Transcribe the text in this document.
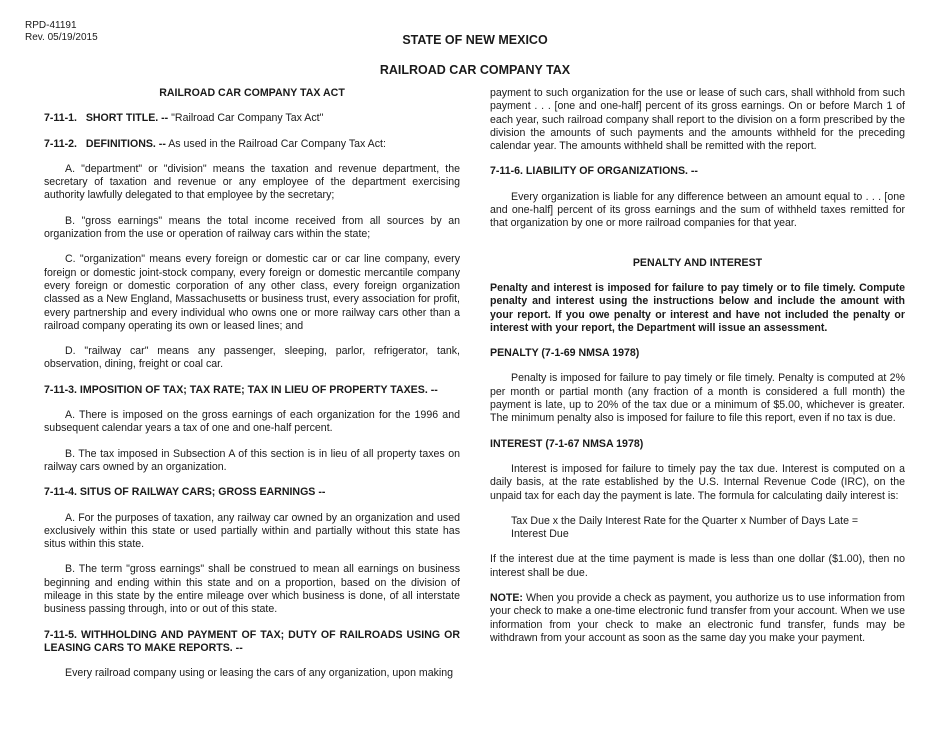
RPD-41191
Rev. 05/19/2015	STATE OF NEW MEXICO
RAILROAD CAR COMPANY TAX

RAILROAD CAR COMPANY TAX ACT

7-11-1. SHORT TITLE. -- "Railroad Car Company Tax Act"

7-11-2. DEFINITIONS. -- As used in the Railroad Car Company Tax Act:

A. "department" or "division" means the taxation and revenue department, the secretary of taxation and revenue or any employee of the department exercising authority lawfully delegated to that employee by the secretary;

B. "gross earnings" means the total income received from all sources by an organization from the use or operation of railway cars within the state;

C. "organization" means every foreign or domestic car or car line company, every foreign or domestic joint-stock company, every foreign or domestic mercantile company every foreign or domestic corporation of any other class, every foreign organization classed as a New England, Massachusetts or business trust, every association for profit, every partnership and every individual who owns one or more railway cars other than a railroad company operating its own or leased lines; and

D. "railway car" means any passenger, sleeping, parlor, refrigerator, tank, observation, dining, freight or coal car.

7-11-3. IMPOSITION OF TAX; TAX RATE; TAX IN LIEU OF PROPERTY TAXES. --

A. There is imposed on the gross earnings of each organization for the 1996 and subsequent calendar years a tax of one and one-half percent.

B. The tax imposed in Subsection A of this section is in lieu of all property taxes on railway cars owned by an organization.

7-11-4. SITUS OF RAILWAY CARS; GROSS EARNINGS --

A. For the purposes of taxation, any railway car owned by an organization and used exclusively within this state or used partially within and partially without this state has situs within this state.

B. The term "gross earnings" shall be construed to mean all earnings on business beginning and ending within this state and on a proportion, based on the division of mileage in this state by the entire mileage over which business is done, of all interstate business passing through, into or out of this state.

7-11-5. WITHHOLDING AND PAYMENT OF TAX; DUTY OF RAILROADS USING OR LEASING CARS TO MAKE REPORTS. --

Every railroad company using or leasing the cars of any organization, upon making

payment to such organization for the use or lease of such cars, shall withhold from such payment . . . [one and one-half] percent of its gross earnings. On or before March 1 of each year, such railroad company shall report to the division on a form prescribed by the division the amounts of such payments and the amounts withheld for the preceding calendar year. The amounts withheld shall be remitted with the report.

7-11-6. LIABILITY OF ORGANIZATIONS. --

Every organization is liable for any difference between an amount equal to . . . [one and one-half] percent of its gross earnings and the sum of withheld taxes remitted for that organization by one or more railroad companies for that year.

PENALTY AND INTEREST

Penalty and interest is imposed for failure to pay timely or to file timely. Compute penalty and interest using the instructions below and include the amount with your report. If you owe penalty or interest and have not included the penalty or interest with your report, the Department will issue an assessment.

PENALTY (7-1-69 NMSA 1978)

Penalty is imposed for failure to pay timely or file timely. Penalty is computed at 2% per month or partial month (any fraction of a month is considered a full month) the payment is late, up to 20% of the tax due or a minimum of $5.00, whichever is greater. The minimum penalty also is imposed for failure to file this report, even if no tax is due.

INTEREST (7-1-67 NMSA 1978)

Interest is imposed for failure to timely pay the tax due. Interest is computed on a daily basis, at the rate established by the U.S. Internal Revenue Code (IRC), on the unpaid tax for each day the payment is late. The formula for calculating daily interest is:

Tax Due x the Daily Interest Rate for the Quarter x Number of Days Late =

Interest Due

If the interest due at the time payment is made is less than one dollar ($1.00), then no interest shall be due.

NOTE: When you provide a check as payment, you authorize us to use information from your check to make a one-time electronic fund transfer from your account. When we use information from your check to make an electronic fund transfer, funds may be withdrawn from your account as soon as the same day you make your payment.
